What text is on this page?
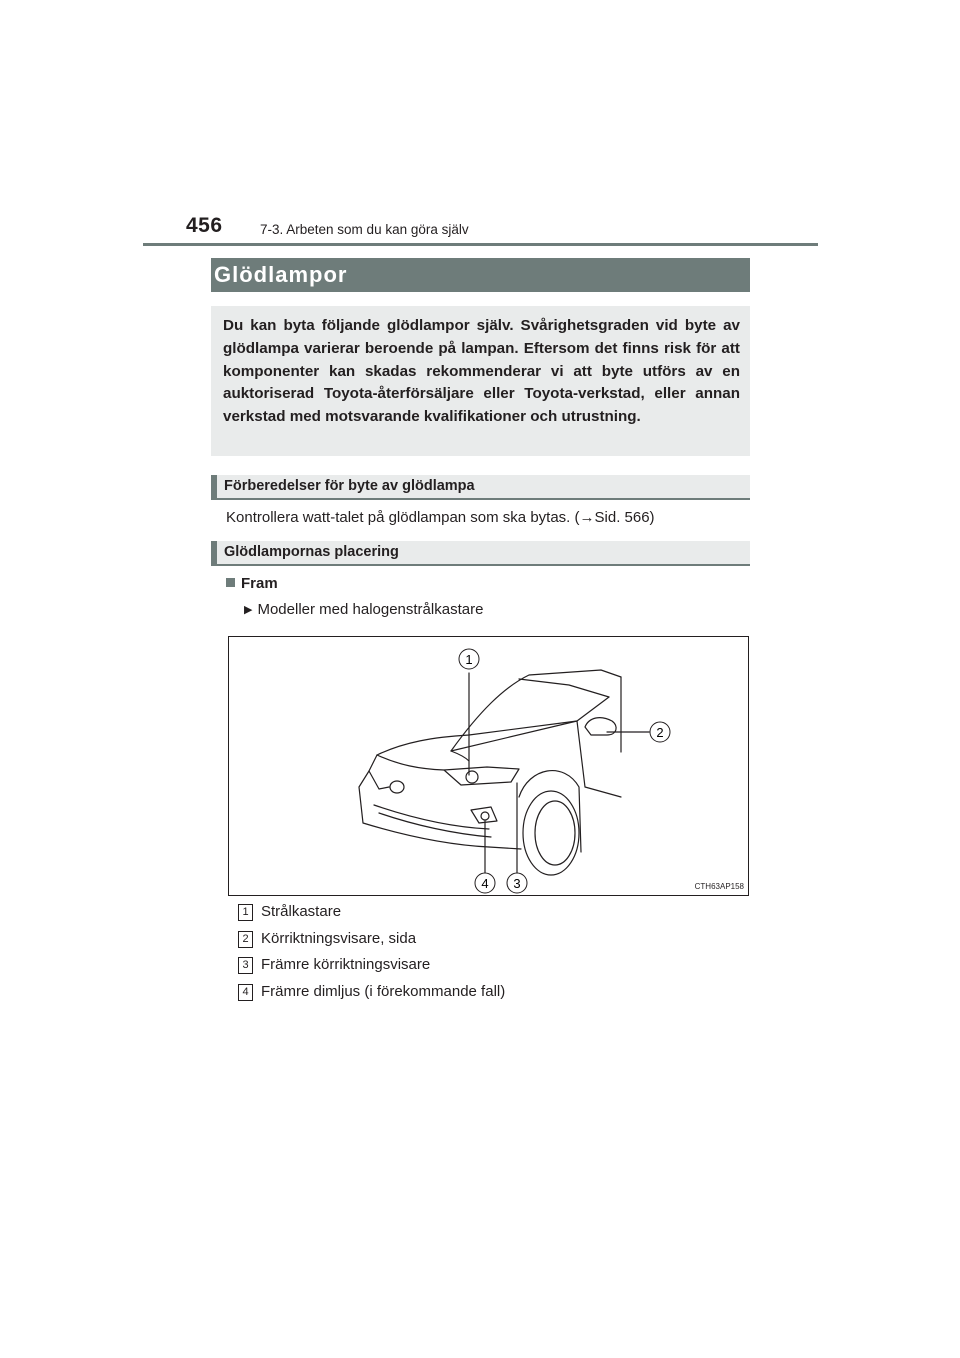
456	7-3. Arbeten som du kan göra själv
Glödlampor
Du kan byta följande glödlampor själv. Svårighetsgraden vid byte av glödlampa varierar beroende på lampan. Eftersom det finns risk för att komponenter kan skadas rekommenderar vi att byte utförs av en auktoriserad Toyota-återförsäljare eller Toyota-verkstad, eller annan verkstad med motsvarande kvalifikationer och utrustning.
Förberedelser för byte av glödlampa
Kontrollera watt-talet på glödlampan som ska bytas. (→Sid. 566)
Glödlampornas placering
Fram
▶ Modeller med halogenstrålkastare
1
2
3
4	CTH63AP158
1 Strålkastare
2 Körriktningsvisare, sida
3 Främre körriktningsvisare
4 Främre dimljus (i förekommande fall)
